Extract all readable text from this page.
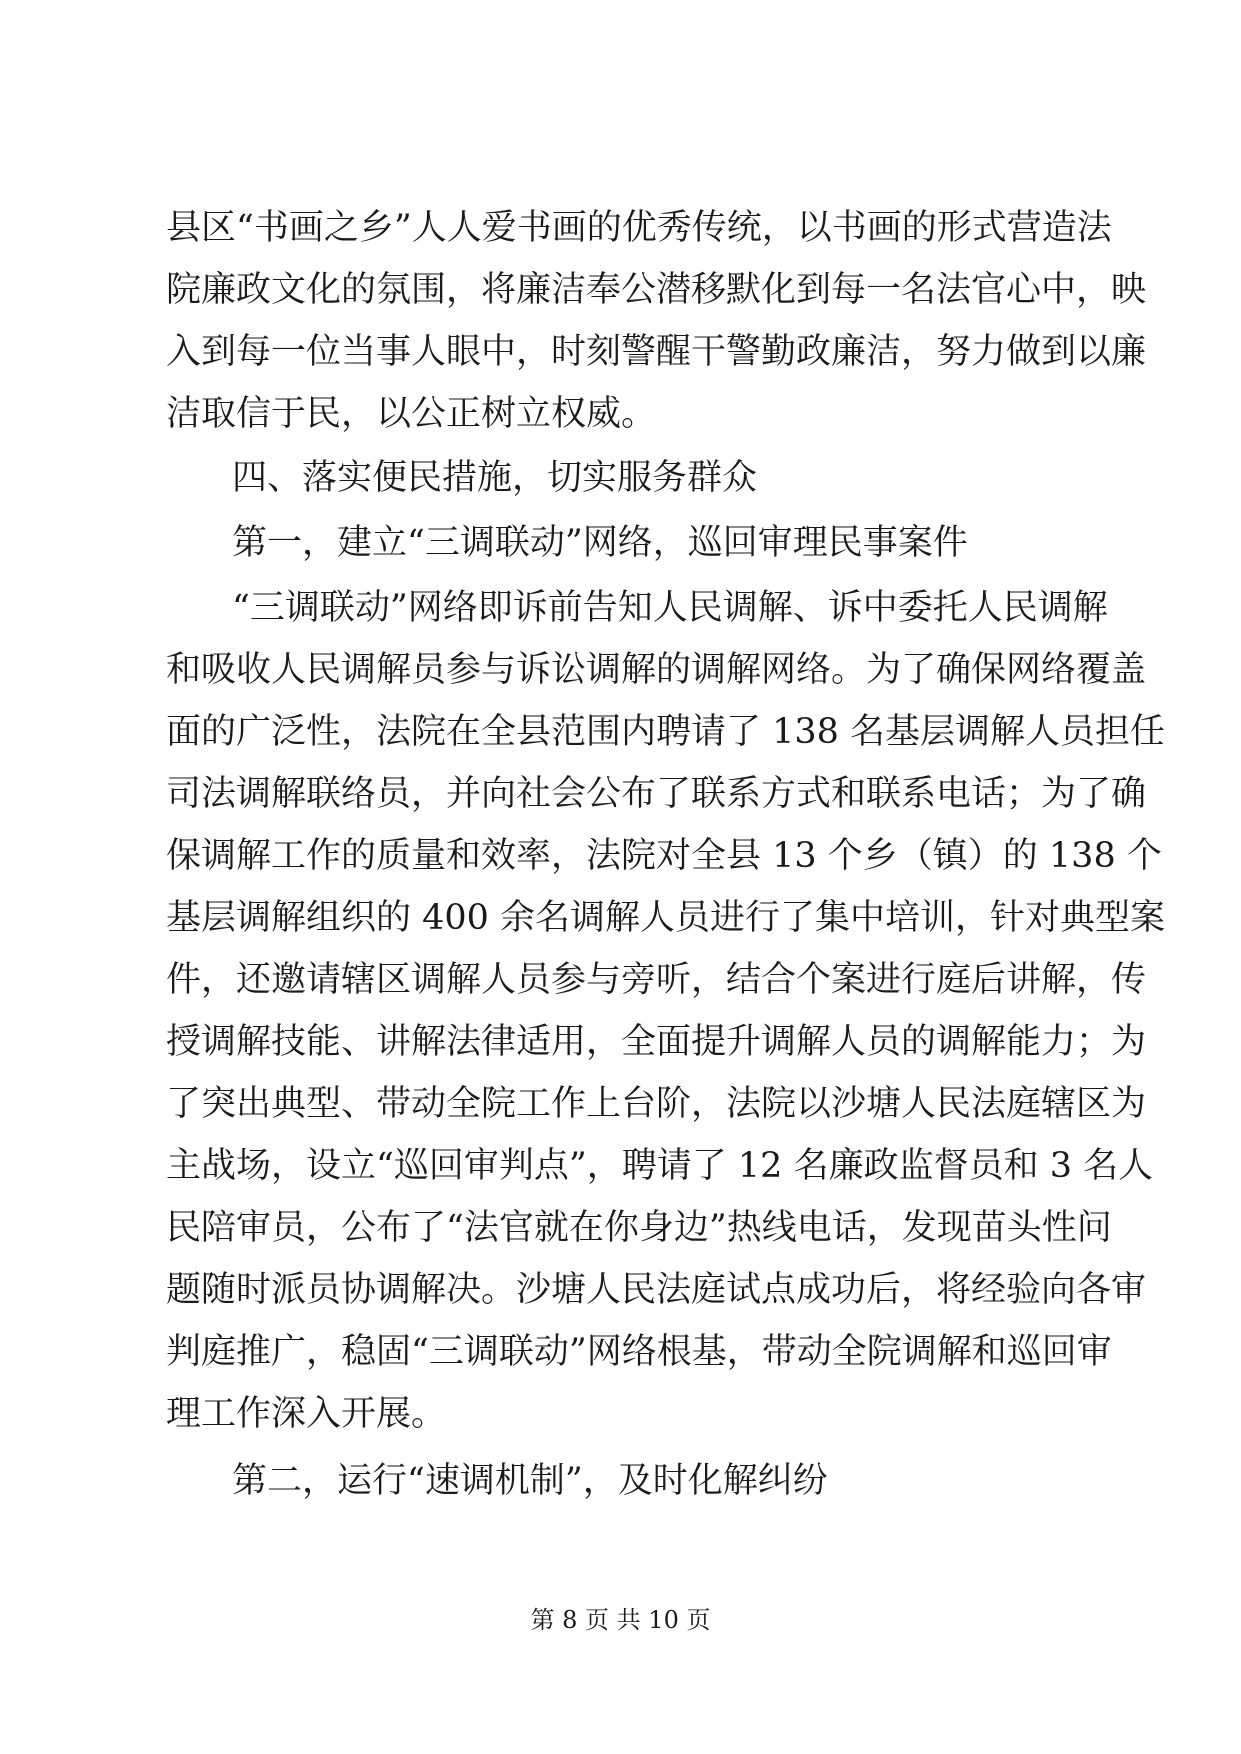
县区“书画之乡”人人爱书画的优秀传统，以书画的形式营造法
院廉政文化的氛围，将廉洁奉公潜移默化到每一名法官心中，映
入到每一位当事人眼中，时刻警醒干警勤政廉洁，努力做到以廉
洁取信于民，以公正树立权威。
四、落实便民措施，切实服务群众
第一，建立“三调联动”网络，巡回审理民事案件
“三调联动”网络即诉前告知人民调解、诉中委托人民调解
和吸收人民调解员参与诉讼调解的调解网络。为了确保网络覆盖
面的广泛性，法院在全县范围内聘请了 138 名基层调解人员担任
司法调解联络员，并向社会公布了联系方式和联系电话；为了确
保调解工作的质量和效率，法院对全县 13 个乡（镇）的 138 个
基层调解组织的 400 余名调解人员进行了集中培训，针对典型案
件，还邀请辖区调解人员参与旁听，结合个案进行庭后讲解，传
授调解技能、讲解法律适用，全面提升调解人员的调解能力；为
了突出典型、带动全院工作上台阶，法院以沙塘人民法庭辖区为
主战场，设立“巡回审判点”，聘请了 12 名廉政监督员和 3 名人
民陪审员，公布了“法官就在你身边”热线电话，发现苗头性问
题随时派员协调解决。沙塘人民法庭试点成功后，将经验向各审
判庭推广，稳固“三调联动”网络根基，带动全院调解和巡回审
理工作深入开展。
第二，运行“速调机制”，及时化解纠纷
第 8 页 共 10 页
